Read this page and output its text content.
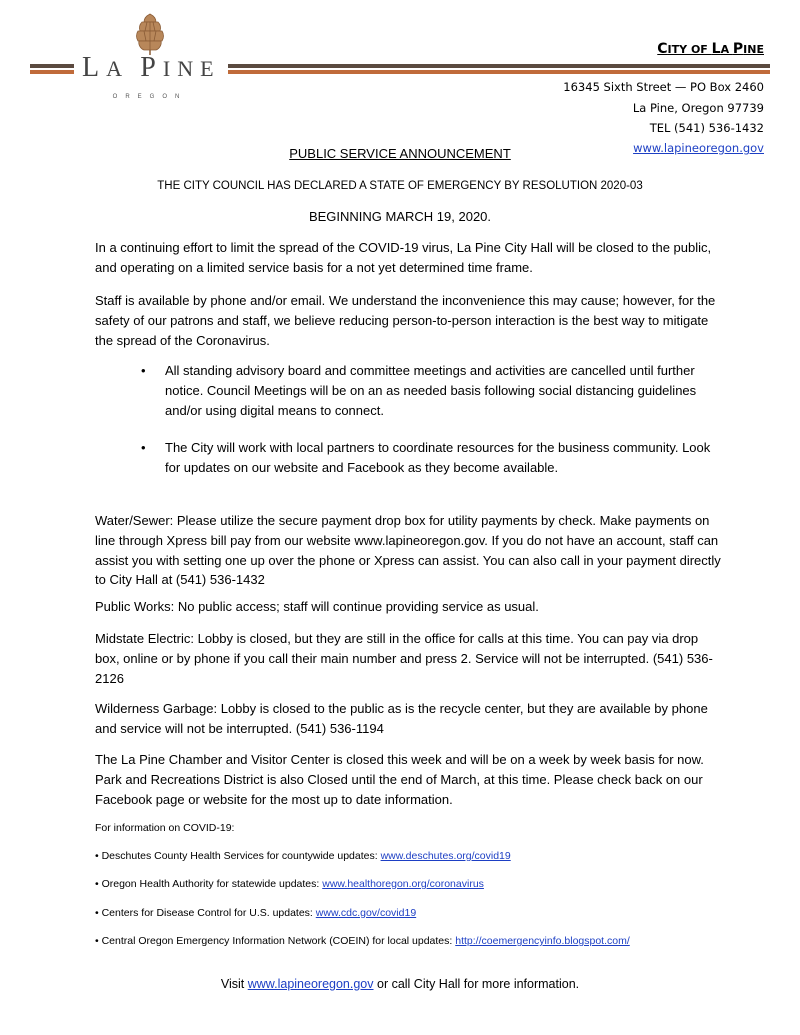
LA PINE
OREGON
CITY OF LA PINE
16345 Sixth Street — PO Box 2460
La Pine, Oregon 97739
TEL (541) 536-1432
www.lapineoregon.gov
PUBLIC SERVICE ANNOUNCEMENT
THE CITY COUNCIL HAS DECLARED A STATE OF EMERGENCY BY RESOLUTION 2020-03
BEGINNING MARCH 19, 2020.
In a continuing effort to limit the spread of the COVID-19 virus, La Pine City Hall will be closed to the public, and operating on a limited service basis for a not yet determined time frame.
Staff is available by phone and/or email. We understand the inconvenience this may cause; however, for the safety of our patrons and staff, we believe reducing person-to-person interaction is the best way to mitigate the spread of the Coronavirus.
• All standing advisory board and committee meetings and activities are cancelled until further notice. Council Meetings will be on an as needed basis following social distancing guidelines and/or using digital means to connect.
• The City will work with local partners to coordinate resources for the business community. Look for updates on our website and Facebook as they become available.
Water/Sewer: Please utilize the secure payment drop box for utility payments by check. Make payments on line through Xpress bill pay from our website www.lapineoregon.gov. If you do not have an account, staff can assist you with setting one up over the phone or Xpress can assist. You can also call in your payment directly to City Hall at (541) 536-1432
Public Works: No public access; staff will continue providing service as usual.
Midstate Electric: Lobby is closed, but they are still in the office for calls at this time. You can pay via drop box, online or by phone if you call their main number and press 2. Service will not be interrupted. (541) 536-2126
Wilderness Garbage: Lobby is closed to the public as is the recycle center, but they are available by phone and service will not be interrupted. (541) 536-1194
The La Pine Chamber and Visitor Center is closed this week and will be on a week by week basis for now. Park and Recreations District is also Closed until the end of March, at this time. Please check back on our Facebook page or website for the most up to date information.
For information on COVID-19:
• Deschutes County Health Services for countywide updates: www.deschutes.org/covid19
• Oregon Health Authority for statewide updates: www.healthoregon.org/coronavirus
• Centers for Disease Control for U.S. updates: www.cdc.gov/covid19
• Central Oregon Emergency Information Network (COEIN) for local updates: http://coemergencyinfo.blogspot.com/
Visit www.lapineoregon.gov or call City Hall for more information.
